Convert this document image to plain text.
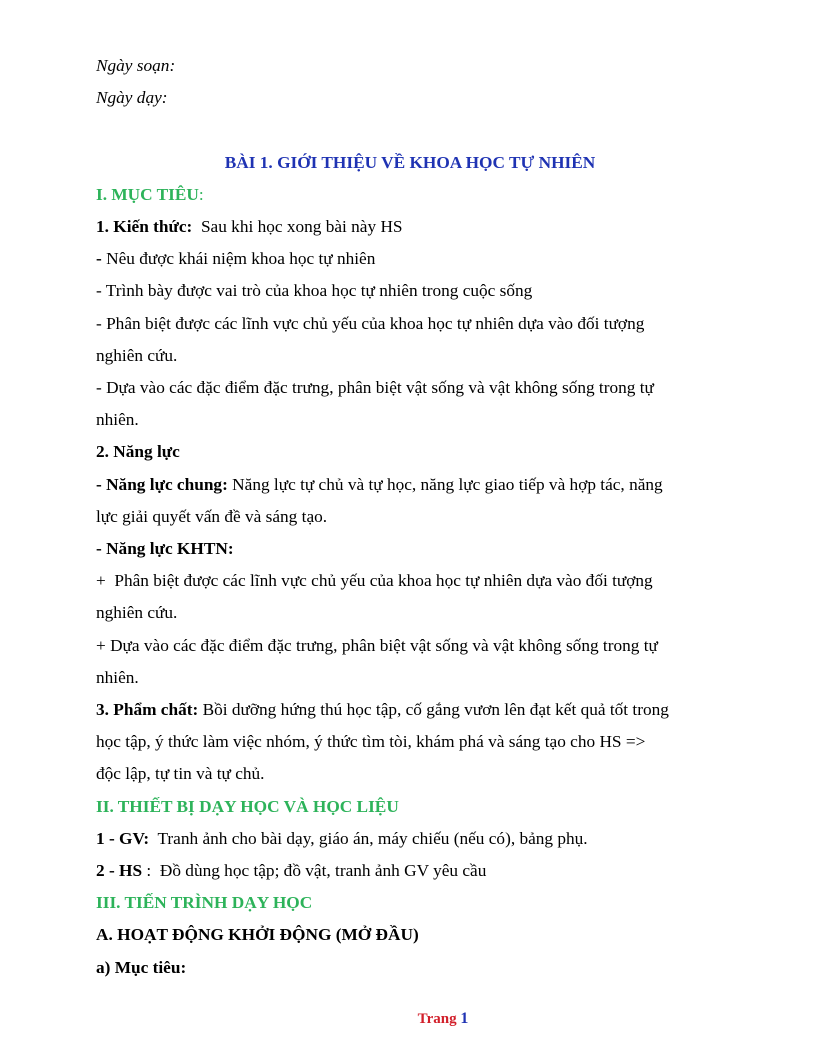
Ngày soạn:
Ngày dạy:
BÀI 1. GIỚI THIỆU VỀ KHOA HỌC TỰ NHIÊN
I. MỤC TIÊU:
1. Kiến thức:  Sau khi học xong bài này HS
- Nêu được khái niệm khoa học tự nhiên
- Trình bày được vai trò của khoa học tự nhiên trong cuộc sống
- Phân biệt được các lĩnh vực chủ yếu của khoa học tự nhiên dựa vào đối tượng
nghiên cứu.
- Dựa vào các đặc điểm đặc trưng, phân biệt vật sống và vật không sống trong tự
nhiên.
2. Năng lực
- Năng lực chung: Năng lực tự chủ và tự học, năng lực giao tiếp và hợp tác, năng
lực giải quyết vấn đề và sáng tạo.
- Năng lực KHTN:
+  Phân biệt được các lĩnh vực chủ yếu của khoa học tự nhiên dựa vào đối tượng
nghiên cứu.
+ Dựa vào các đặc điểm đặc trưng, phân biệt vật sống và vật không sống trong tự
nhiên.
3. Phẩm chất: Bồi dưỡng hứng thú học tập, cố gắng vươn lên đạt kết quả tốt trong
học tập, ý thức làm việc nhóm, ý thức tìm tòi, khám phá và sáng tạo cho HS =>
độc lập, tự tin và tự chủ.
II. THIẾT BỊ DẠY HỌC VÀ HỌC LIỆU
1 - GV:  Tranh ảnh cho bài dạy, giáo án, máy chiếu (nếu có), bảng phụ.
2 - HS :  Đồ dùng học tập; đồ vật, tranh ảnh GV yêu cầu
III. TIẾN TRÌNH DẠY HỌC
A. HOẠT ĐỘNG KHỞI ĐỘNG (MỞ ĐẦU)
a) Mục tiêu:
Trang 1
